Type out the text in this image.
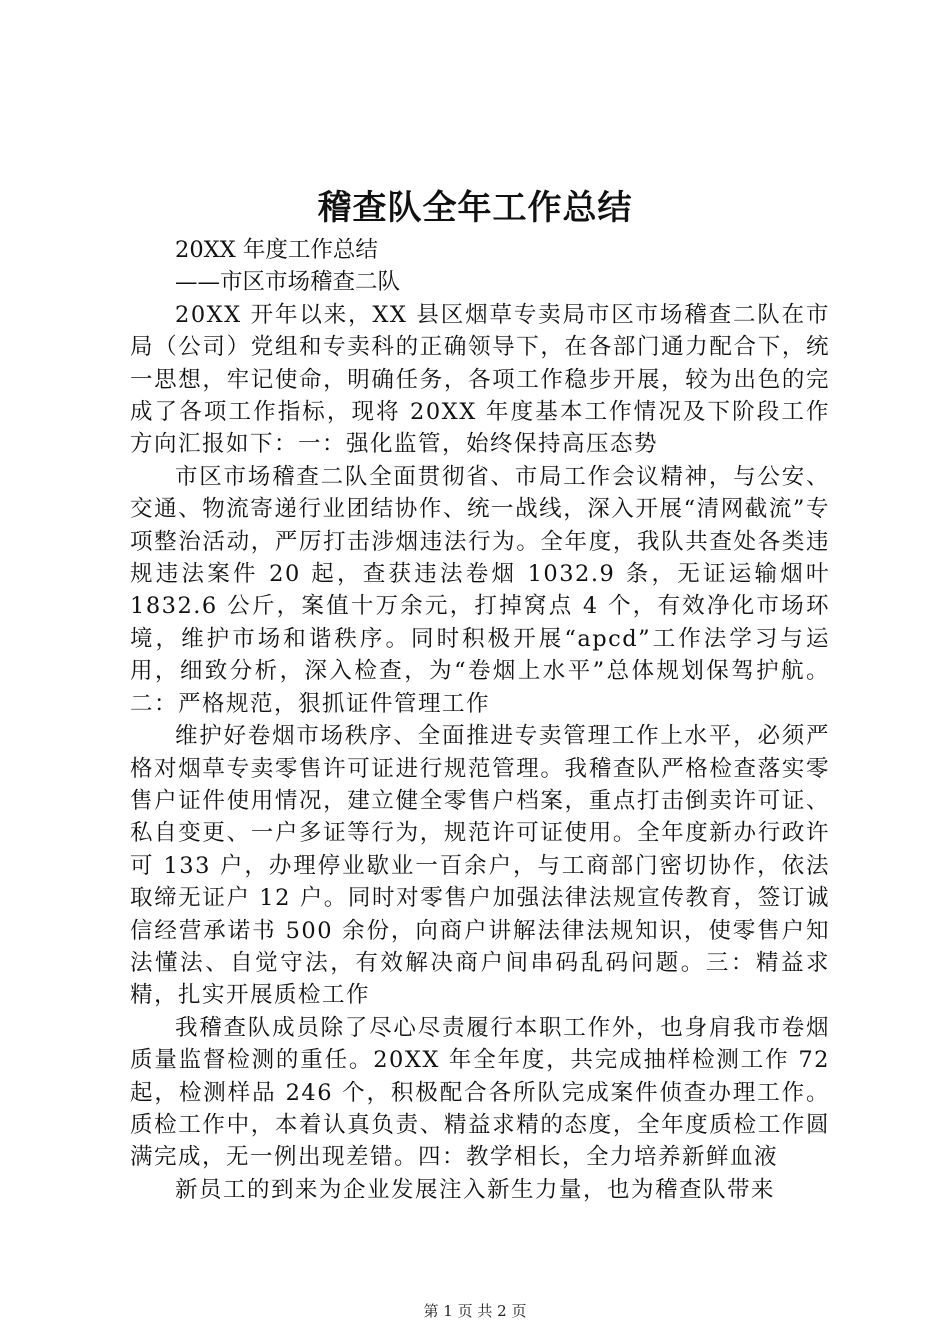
稽查队全年工作总结

20XX 年度工作总结

——市区市场稽查二队

20XX 开年以来，XX 县区烟草专卖局市区市场稽查二队在市局（公司）党组和专卖科的正确领导下，在各部门通力配合下，统一思想，牢记使命，明确任务，各项工作稳步开展，较为出色的完成了各项工作指标，现将 20XX 年度基本工作情况及下阶段工作方向汇报如下：一：强化监管，始终保持高压态势

市区市场稽查二队全面贯彻省、市局工作会议精神，与公安、交通、物流寄递行业团结协作、统一战线，深入开展“清网截流”专项整治活动，严厉打击涉烟违法行为。全年度，我队共查处各类违规违法案件 20 起，查获违法卷烟 1032.9 条，无证运输烟叶 1832.6 公斤，案值十万余元，打掉窝点 4 个，有效净化市场环境，维护市场和谐秩序。同时积极开展“apcd”工作法学习与运用，细致分析，深入检查，为“卷烟上水平”总体规划保驾护航。二：严格规范，狠抓证件管理工作

维护好卷烟市场秩序、全面推进专卖管理工作上水平，必须严格对烟草专卖零售许可证进行规范管理。我稽查队严格检查落实零售户证件使用情况，建立健全零售户档案，重点打击倒卖许可证、私自变更、一户多证等行为，规范许可证使用。全年度新办行政许可 133 户，办理停业歇业一百余户，与工商部门密切协作，依法取缔无证户 12 户。同时对零售户加强法律法规宣传教育，签订诚信经营承诺书 500 余份，向商户讲解法律法规知识，使零售户知法懂法、自觉守法，有效解决商户间串码乱码问题。三：精益求精，扎实开展质检工作

我稽查队成员除了尽心尽责履行本职工作外，也身肩我市卷烟质量监督检测的重任。20XX 年全年度，共完成抽样检测工作 72 起，检测样品 246 个，积极配合各所队完成案件侦查办理工作。质检工作中，本着认真负责、精益求精的态度，全年度质检工作圆满完成，无一例出现差错。四：教学相长，全力培养新鲜血液

新员工的到来为企业发展注入新生力量，也为稽查队带来

第 1 页 共 2 页
